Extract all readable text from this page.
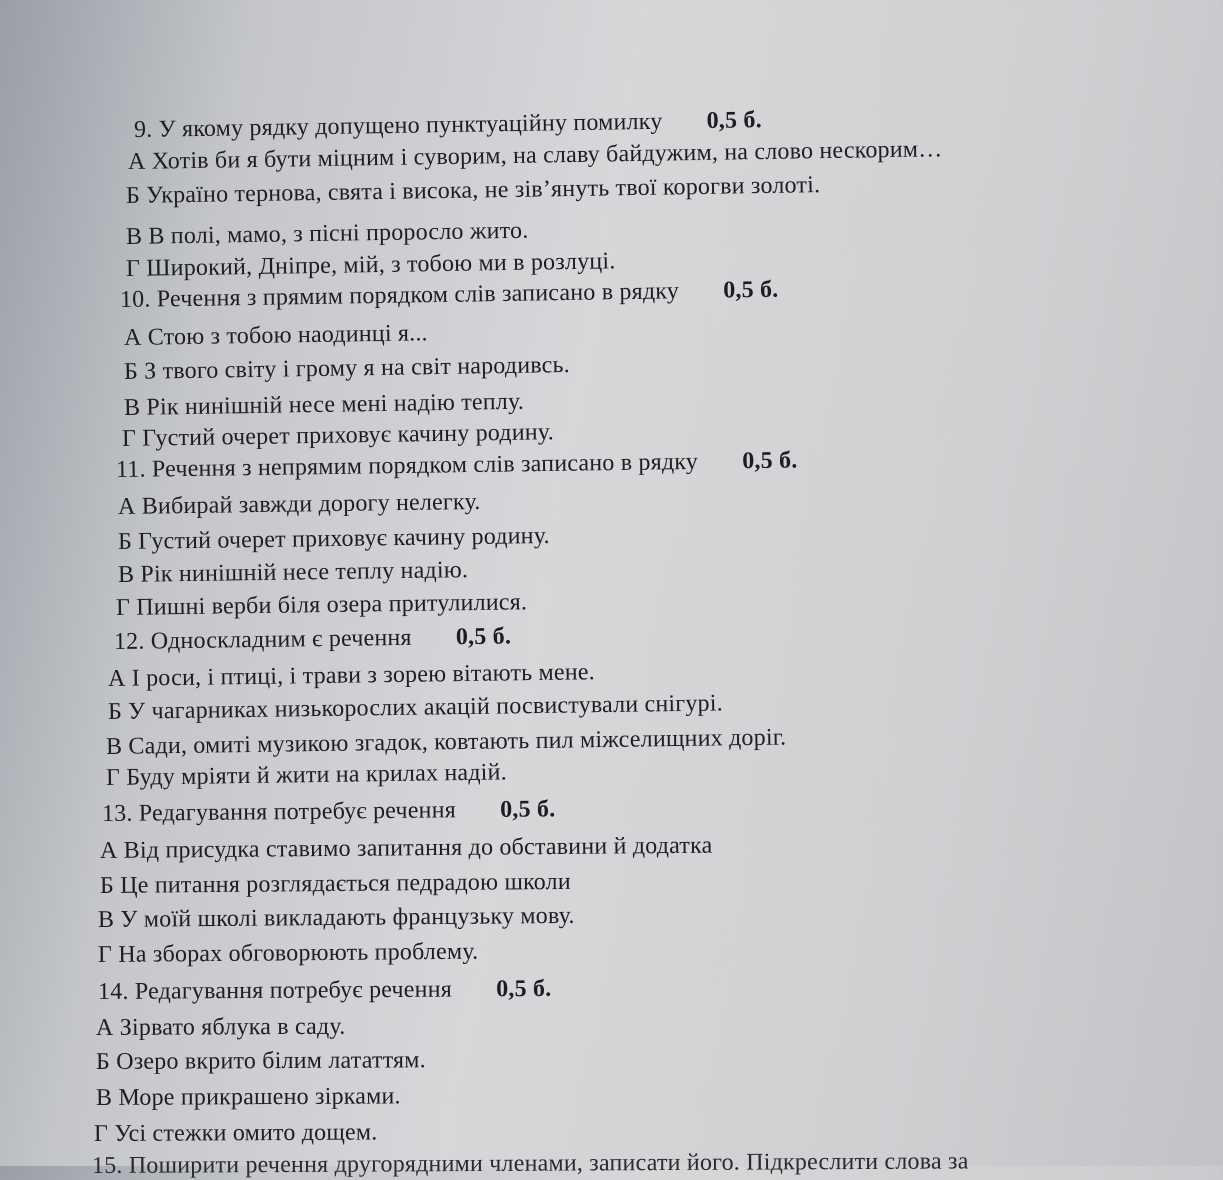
9. У якому рядку допущено пунктуаційну помилку 0,5 б.
А Хотів би я бути міцним і суворим, на славу байдужим, на слово нескорим…
Б Україно тернова, свята і висока, не зів’януть твої корогви золоті.
В В полі, мамо, з пісні проросло жито.
Г Широкий, Дніпре, мій, з тобою ми в розлуці.
10. Речення з прямим порядком слів записано в рядку 0,5 б.
А Стою з тобою наодинці я...
Б З твого світу і грому я на світ народивсь.
В Рік нинішній несе мені надію теплу.
Г Густий очерет приховує качину родину.
11. Речення з непрямим порядком слів записано в рядку 0,5 б.
А Вибирай завжди дорогу нелегку.
Б Густий очерет приховує качину родину.
В Рік нинішній несе теплу надію.
Г Пишні верби біля озера притулилися.
12. Односкладним є речення 0,5 б.
А І роси, і птиці, і трави з зорею вітають мене.
Б У чагарниках низькорослих акацій посвистували снігурі.
В Сади, омиті музикою згадок, ковтають пил міжселищних доріг.
Г Буду мріяти й жити на крилах надій.
13. Редагування потребує речення 0,5 б.
А Від присудка ставимо запитання до обставини й додатка
Б Це питання розглядається педрадою школи
В У моїй школі викладають французьку мову.
Г На зборах обговорюють проблему.
14. Редагування потребує речення 0,5 б.
А Зірвато яблука в саду.
Б Озеро вкрито білим лататтям.
В Море прикрашено зірками.
Г Усі стежки омито дощем.
15. Поширити речення другорядними членами, записати його. Підкреслити слова за
